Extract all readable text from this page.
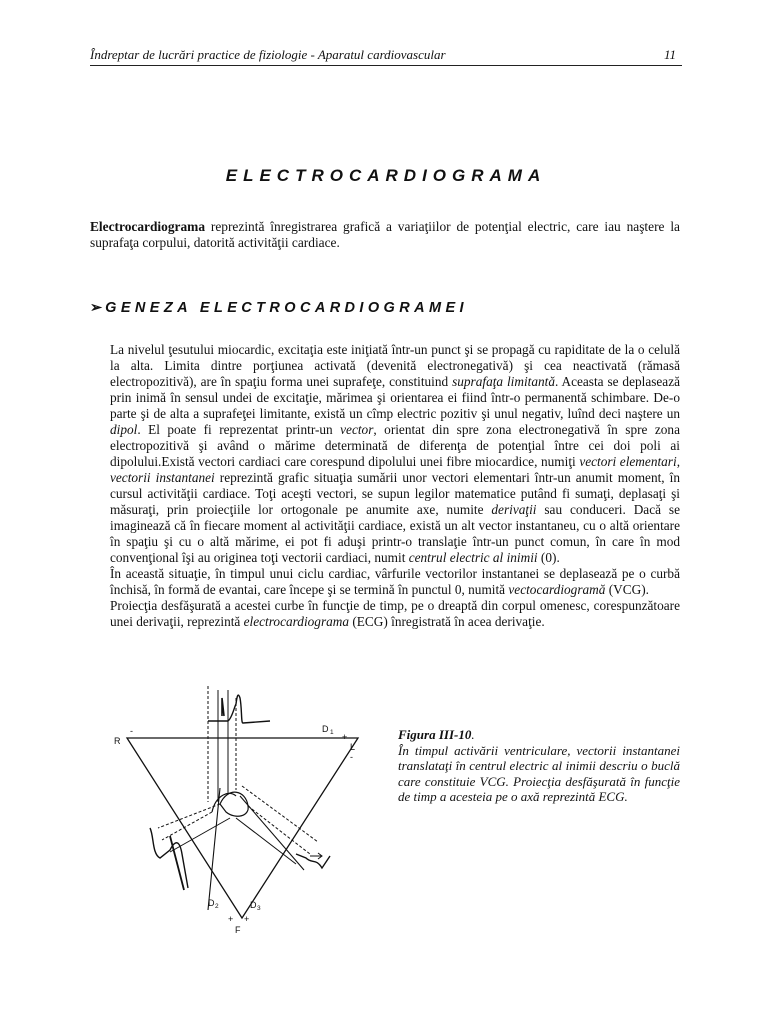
Îndreptar de lucrări practice de fiziologie - Aparatul cardiovascular	11
ELECTROCARDIOGRAMA
Electrocardiograma reprezintă înregistrarea grafică a variaţiilor de potenţial electric, care iau naştere la suprafaţa corpului, datorită activităţii cardiace.
➢ GENEZA ELECTROCARDIOGRAMEI

La nivelul ţesutului miocardic, excitaţia este iniţiată într-un punct şi se propagă cu rapiditate de la o celulă la alta. Limita dintre porţiunea activată (devenită electronegativă) şi cea neactivată (rămasă electropozitivă), are în spaţiu forma unei suprafeţe, constituind suprafaţa limitantă. Aceasta se deplasează prin inimă în sensul undei de excitaţie, mărimea şi orientarea ei fiind într-o permanentă schimbare. De-o parte şi de alta a suprafeţei limitante, există un cîmp electric pozitiv şi unul negativ, luînd deci naştere un dipol. El poate fi reprezentat printr-un vector, orientat din spre zona electronegativă în spre zona electropozitivă şi având o mărime determinată de diferenţa de potenţial între cei doi poli ai dipolului.Există vectori cardiaci care corespund dipolului unei fibre miocardice, numiţi vectori elementari, vectorii instantanei reprezintă grafic situaţia sumării unor vectori elementari într-un anumit moment, în cursul activităţii cardiace. Toţi aceşti vectori, se supun legilor matematice putând fi sumaţi, deplasaţi şi măsuraţi, prin proiecţiile lor ortogonale pe anumite axe, numite derivaţii sau conduceri. Dacă se imaginează că în fiecare moment al activităţii cardiace, există un alt vector instantaneu, cu o altă orientare în spaţiu şi cu o altă mărime, ei pot fi aduşi printr-o translaţie într-un punct comun, în care în mod convenţional îşi au originea toţi vectorii cardiaci, numit centrul electric al inimii (0).

În această situaţie, în timpul unui ciclu cardiac, vârfurile vectorilor instantanei se deplasează pe o curbă închisă, în formă de evantai, care începe şi se termină în punctul 0, numită vectocardiogramă (VCG).

Proiecţia desfăşurată a acestei curbe în funcţie de timp, pe o dreaptă din corpul omenesc, corespunzătoare unei derivaţii, reprezintă electrocardiograma (ECG) înregistrată în acea derivaţie.

R
-
L
-
+
D 1
D 2	D 3
+ +
F
Figura III-10.
În timpul activării ventriculare, vectorii instantanei translataţi în centrul electric al inimii descriu o buclă care constituie VCG. Proiecţia desfăşurată în funcţie de timp a acesteia pe o axă reprezintă ECG.
